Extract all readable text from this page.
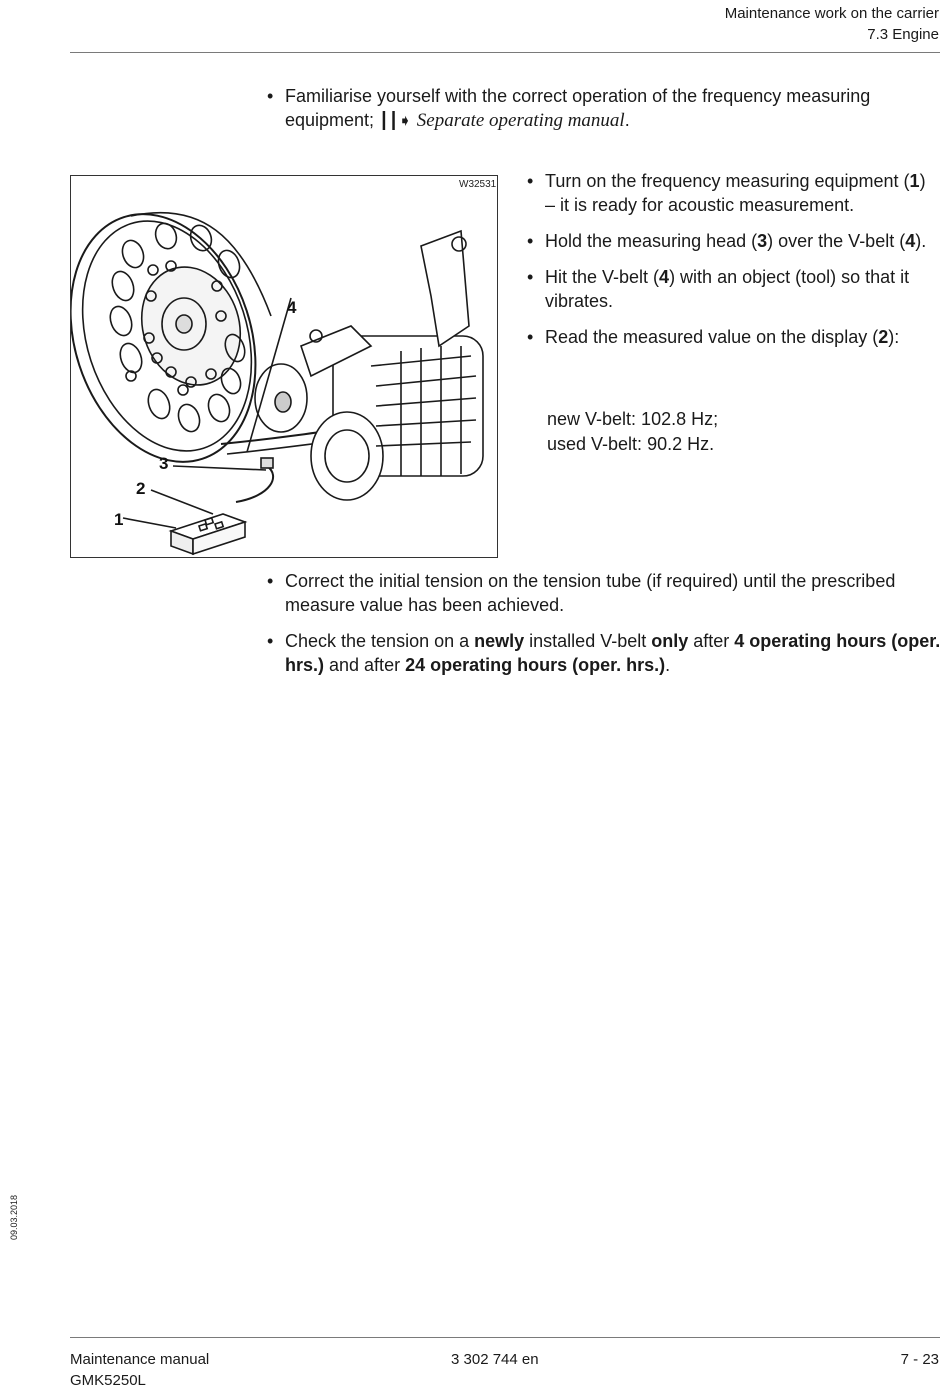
Maintenance work on the carrier
7.3 Engine
• Familiarise yourself with the correct operation of the frequency measuring equipment; ┃┃➧ Separate operating manual.
W32531
4
3
2
1
• Turn on the frequency measuring equipment (1) – it is ready for acoustic measurement.
• Hold the measuring head (3) over the V-belt (4).
• Hit the V-belt (4) with an object (tool) so that it vibrates.
• Read the measured value on the display (2):
new V-belt: 102.8 Hz;
used V-belt: 90.2 Hz.
• Correct the initial tension on the tension tube (if required) until the prescribed measure value has been achieved.
• Check the tension on a newly installed V-belt only after 4 operating hours (oper. hrs.) and after 24 operating hours (oper. hrs.).
09.03.2018
Maintenance manual
GMK5250L
3 302 744 en	7 - 23
